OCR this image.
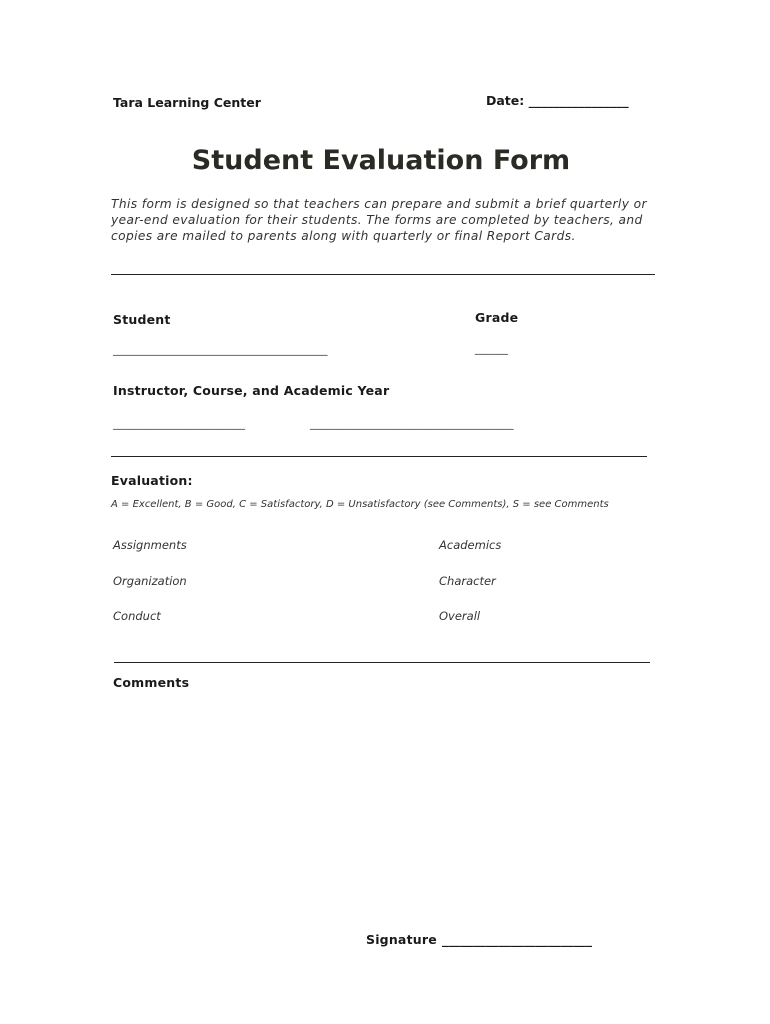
Tara Learning Center	Date: ________________
Student Evaluation Form
This form is designed so that teachers can prepare and submit a brief quarterly or year-end evaluation for their students. The forms are completed by teachers, and copies are mailed to parents along with quarterly or final Report Cards.
Student
_______________________________________
Grade
______
Instructor, Course, and Academic Year
________________________	_____________________________________
Evaluation:
A = Excellent, B = Good, C = Satisfactory, D = Unsatisfactory (see Comments), S = see Comments
Assignments
Organization
Conduct
Academics
Character
Overall
Comments
Signature ________________________
